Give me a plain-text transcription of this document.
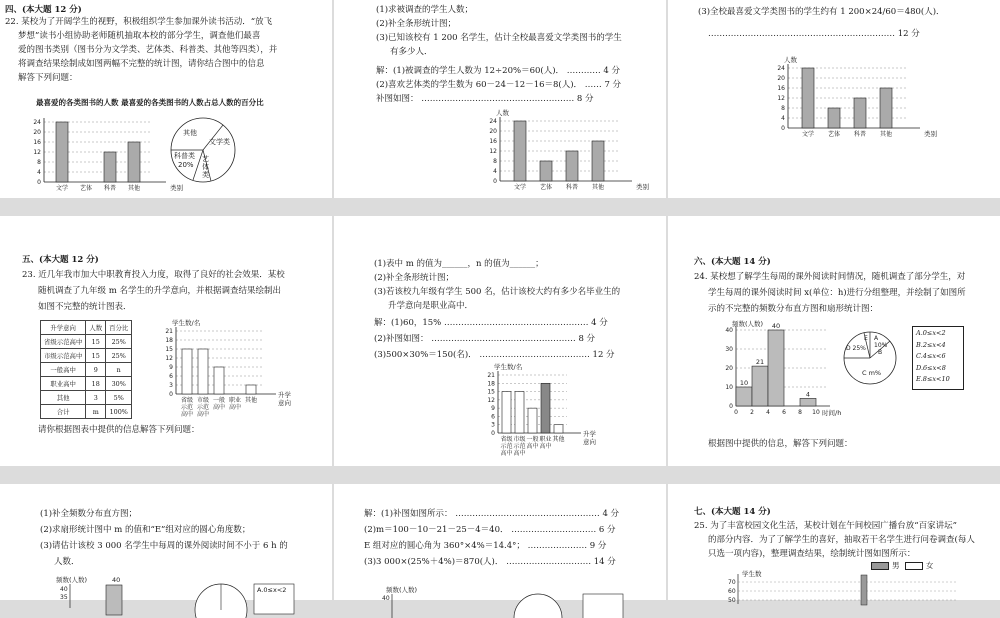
四、(本大题 12 分)
22. 某校为了开阔学生的视野，积极组织学生参加课外读书活动．“放飞
梦想”读书小组协助老师随机抽取本校的部分学生，调查他们最喜
爱的图书类别（图书分为文学类、艺体类、科普类、其他等四类），并
将调查结果绘制成如图两幅不完整的统计图，请你结合图中的信息
解答下列问题：
最喜爱的各类图书的人数 最喜爱的各类图书的人数占总人数的百分比
0
4
8
12
16
20
24
文学 艺体 科普 其他	类别
其他
文学类
科普类
20%
艺
体
类
(1)求被调查的学生人数；
(2)补全条形统计图；
(3)已知该校有 1 200 名学生，估计全校最喜爱文学类图书的学生
有多少人．
解：(1)被调查的学生人数为 12÷20%＝60(人)． ………… 4 分
(2)喜欢艺体类的学生数为 60－24－12－16＝8(人)． …… 7 分
补图如图： ……………………………………………… 8 分
人数
0
4
8
12
16
20
24
文学 艺体 科普 其他	类别
(3)全校最喜爱文学类图书的学生约有 1 200×24/60＝480(人)．
………………………………………………………… 12 分
人数
0
4
8
12
16
20
24
文学 艺体 科普 其他	类别
五、(本大题 12 分)
23. 近几年我市加大中职教育投入力度，取得了良好的社会效果．某校
随机调查了九年级 m 名学生的升学意向，并根据调查结果绘制出
如图不完整的统计图表．
升学意向	人数	百分比
省级示范高中	15	25%
市级示范高中	15	25%
一般高中	9	n
职业高中	18	30%
其他	3	5%
合计	m	100%
学生数/名
0
3
6
9
12
15
18
21
省级
示范
高中
市级
示范
高中
一般
高中
职业
高中
其他
升学
意向
请你根据图表中提供的信息解答下列问题：
(1)表中 m 的值为______，n 的值为______；
(2)补全条形统计图；
(3)若该校九年级有学生 500 名，估计该校大约有多少名毕业生的
升学意向是职业高中．
解：(1)60，15% …………………………………………… 4 分
(2)补图如图： …………………………………………… 8 分
(3)500×30%＝150(名)． ………………………………… 12 分
学生数/名
0
3
6
9
12
15
18
21
省级
示范
高中
市级
示范
高中
一般
高中
职业
高中
其他
升学
意向
六、(本大题 14 分)
24. 某校想了解学生每周的课外阅读时间情况，随机调查了部分学生，对
学生每周的课外阅读时间 x(单位：h)进行分组整理，并绘制了如图所
示的不完整的频数分布直方图和扇形统计图：
频数(人数)
0
10
20
30
40
10
21
40
4
0 2 4 6 8 10 时间/h
E A
10%
B
D 25%
C m%
A.0≤x<2
B.2≤x<4
C.4≤x<6
D.6≤x<8
E.8≤x<10
根据图中提供的信息，解答下列问题：
(1)补全频数分布直方图；
(2)求扇形统计图中 m 的值和“E”组对应的圆心角度数；
(3)请估计该校 3 000 名学生中每周的课外阅读时间不小于 6 h 的
人数．
频数(人数)	40
40
35
A.0≤x<2
解：(1)补图如图所示： …………………………………………… 4 分
(2)m＝100－10－21－25－4＝40． ………………………… 6 分
E 组对应的圆心角为 360°×4%＝14.4°； ………………… 9 分
(3)3 000×(25%＋4%)＝870(人)． ………………………… 14 分
频数(人数)
40
七、(本大题 14 分)
25. 为了丰富校园文化生活，某校计划在午间校园广播台放“百家讲坛”
的部分内容．为了了解学生的喜好，抽取若干名学生进行问卷调查(每人
只选一项内容)，整理调查结果，绘制统计图如图所示：
男	女
学生数
70
60
50
